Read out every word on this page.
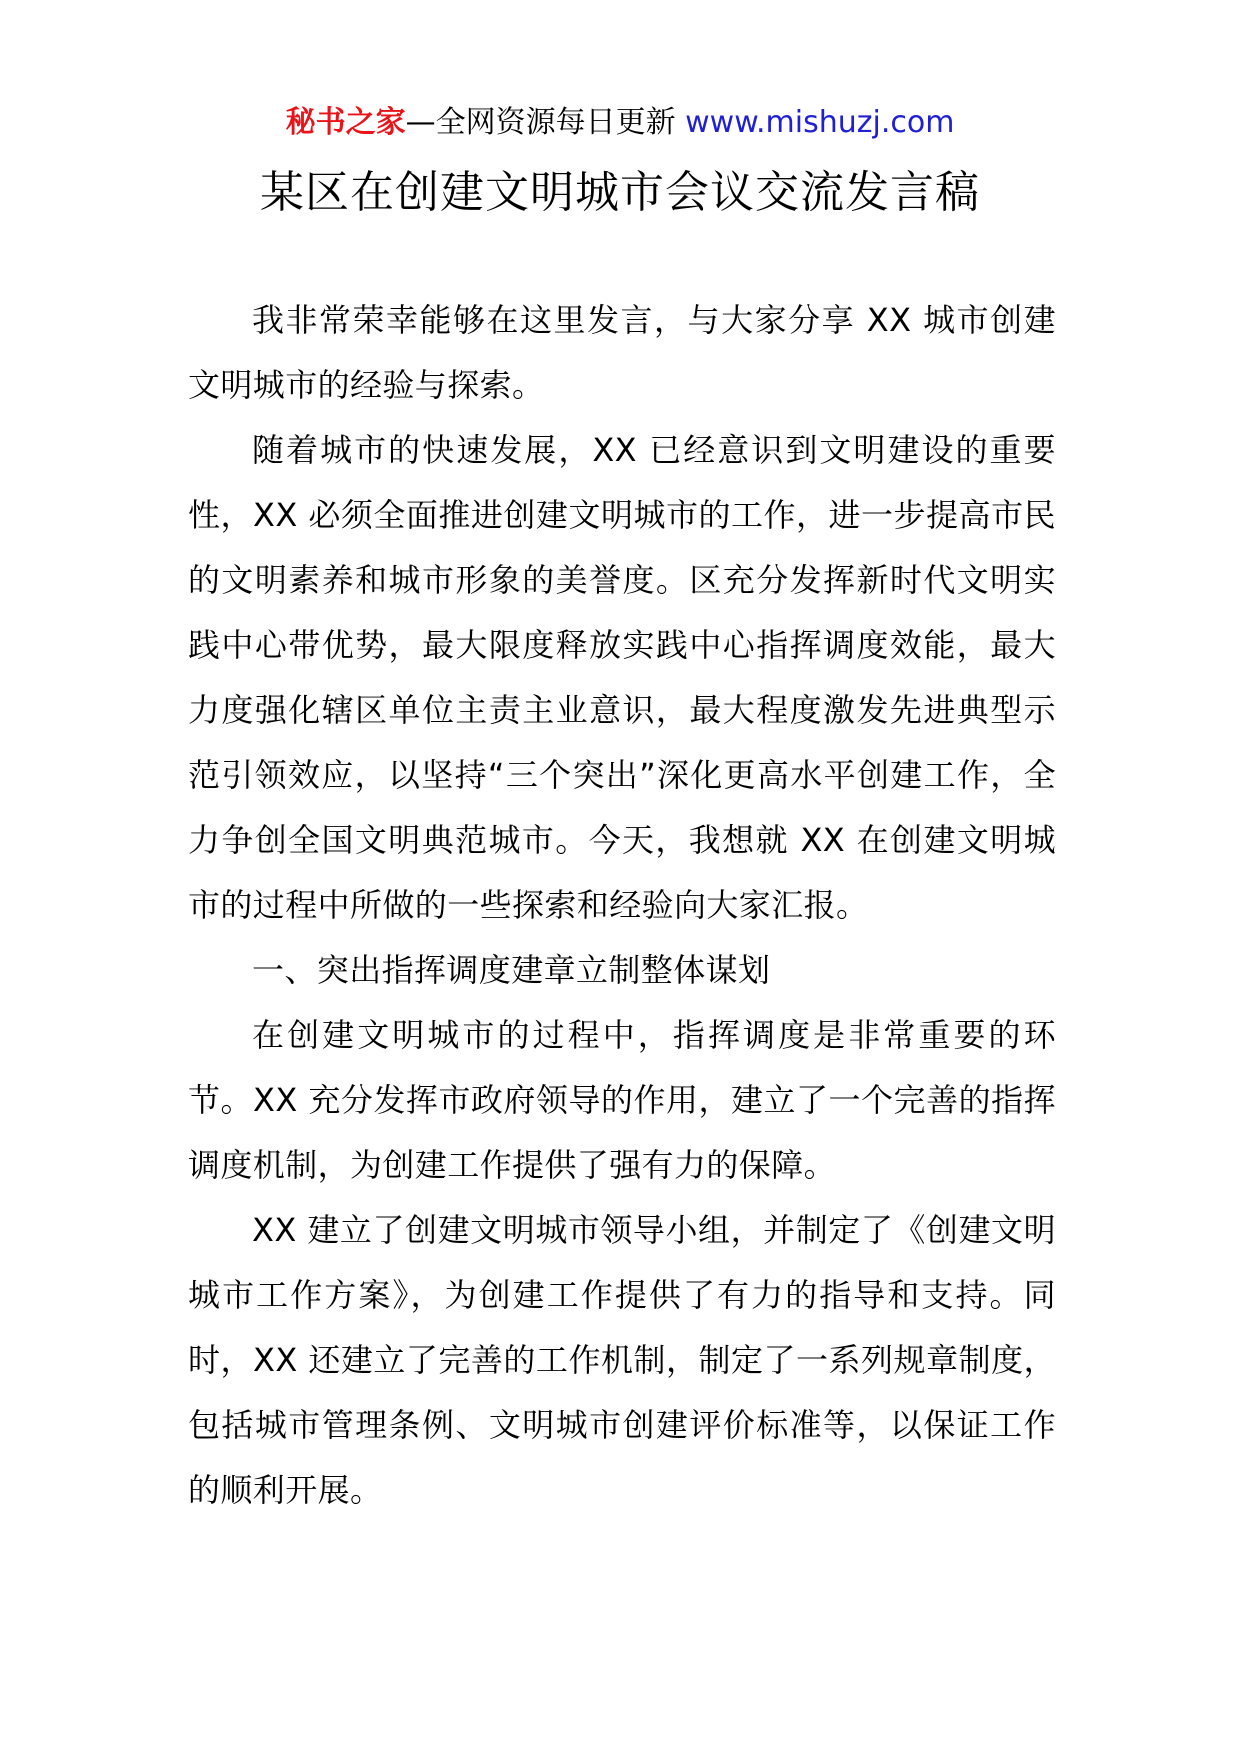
秘书之家—全网资源每日更新 www.mishuzj.com
某区在创建文明城市会议交流发言稿

我非常荣幸能够在这里发言，与大家分享 XX 城市创建文明城市的经验与探索。

随着城市的快速发展，XX 已经意识到文明建设的重要性，XX 必须全面推进创建文明城市的工作，进一步提高市民的文明素养和城市形象的美誉度。区充分发挥新时代文明实践中心带优势，最大限度释放实践中心指挥调度效能，最大力度强化辖区单位主责主业意识，最大程度激发先进典型示范引领效应，以坚持“三个突出”深化更高水平创建工作，全力争创全国文明典范城市。今天，我想就 XX 在创建文明城市的过程中所做的一些探索和经验向大家汇报。

一、突出指挥调度建章立制整体谋划

在创建文明城市的过程中，指挥调度是非常重要的环节。XX 充分发挥市政府领导的作用，建立了一个完善的指挥调度机制，为创建工作提供了强有力的保障。

XX 建立了创建文明城市领导小组，并制定了《创建文明城市工作方案》，为创建工作提供了有力的指导和支持。同时，XX 还建立了完善的工作机制，制定了一系列规章制度，包括城市管理条例、文明城市创建评价标准等，以保证工作的顺利开展。
